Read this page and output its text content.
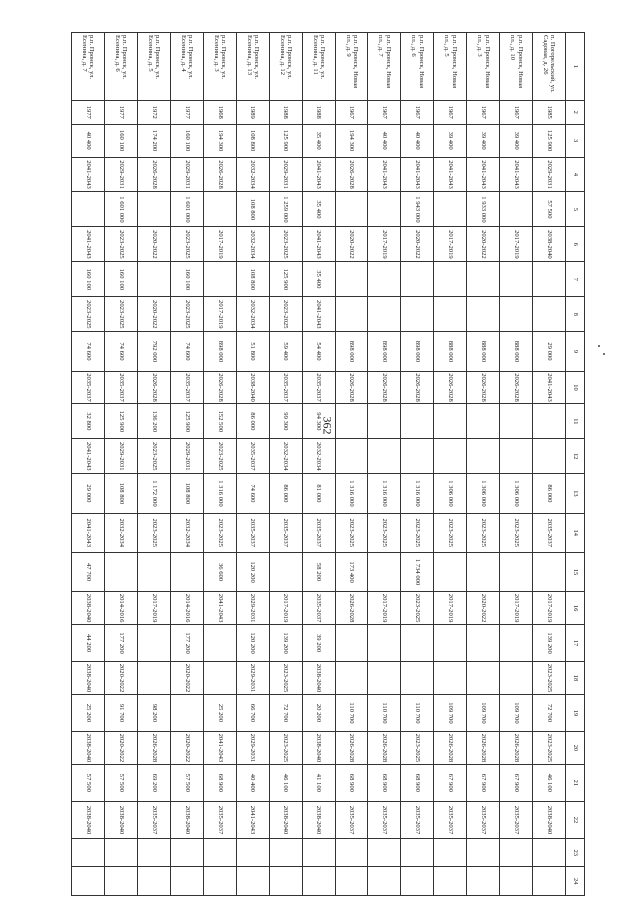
362
1	2	3	4	5	6	7	8	9	10	11	12	13	14	15	16	17	18	19	20	21	22	23	24
п. Погорельский, ул. Садовая, д. 26	1985	125 900	2029-2031	57 500	2038-2040			29 000	2041-2043			86 000	2035-2037		2017-2019	139 200	2023-2025	72 700	2023-2025	46 100	2038-2040		
р.п. Пронск, Новая пл., д. 10	1967	39 400	2041-2043		2017-2019			888 000	2026-2028			1 306 000	2023-2025		2017-2019			109 700	2026-2028	67 900	2035-2037		
р.п. Пронск, Новая пл., д. 3	1967	39 400	2041-2043	1 933 000	2020-2022			888 000	2026-2028			1 306 000	2023-2025		2020-2022			109 700	2026-2028	67 900	2035-2037		
р.п. Пронск, Новая пл., д. 5	1967	39 400	2041-2043		2017-2019			888 000	2026-2028			1 306 000	2023-2025		2017-2019			109 700	2026-2028	67 900	2035-2037		
р.п. Пронск, Новая пл., д. 6	1967	40 400	2041-2043	1 943 000	2020-2022			898 000	2026-2028			1 316 000	2023-2025	1 734 000	2023-2025			110 700	2023-2025	68 900	2035-2037		
р.п. Пронск, Новая пл., д. 7	1967	40 400	2041-2043		2017-2019			898 000	2026-2028			1 316 000	2023-2025		2017-2019			110 700	2026-2028	68 900	2035-2037		
р.п. Пронск, Новая пл., д. 9	1967	194 300	2026-2028		2020-2022			898 000	2026-2028			1 316 000	2023-2025	173 400	2026-2028			110 700	2026-2028	68 900	2035-2037		
р.п. Пронск, ул. Есенина, д. 11	1988	35 400	2041-2043	35 400	2041-2043	35 400	2041-2043	54 400	2035-2037	94 300	2032-2034	81 000	2035-2037	58 200	2035-2037	39 200	2038-2040	20 200	2038-2040	41 100	2038-2040		
р.п. Пронск, ул. Есенина, д. 12	1988	125 900	2029-2031	1 259 000	2023-2025	125 900	2023-2025	59 400	2035-2037	99 300	2032-2034	86 000	2035-2037		2017-2019	139 200	2023-2025	72 700	2023-2025	46 100	2038-2040		
р.п. Пронск, ул. Есенина, д. 13	1989	108 800	2032-2034	108 800	2032-2034	108 800	2032-2034	51 800	2038-2040	86 000	2035-2037	74 600	2035-2037	120 200	2029-2031	120 200	2029-2031	66 700	2029-2031	40 400	2041-2043		
р.п. Пронск, ул. Есенина, д. 3	1968	194 300	2026-2028		2017-2019		2017-2019	898 000	2026-2028	152 500	2023-2025	1 316 000	2023-2025	36 600	2041-2043			25 200	2041-2043	68 900	2035-2037		
р.п. Пронск, ул. Есенина, д. 4	1977	160 100	2029-2031	1 601 000	2023-2025	160 100	2023-2025	74 600	2035-2037	125 900	2029-2031	108 800	2032-2034		2014-2016	177 200	2020-2022		2020-2022	57 500	2038-2040		
р.п. Пронск, ул. Есенина, д. 5	1972	174 200	2026-2028		2020-2022		2020-2022	792 000	2026-2028	136 200	2023-2025	1 172 000	2023-2025		2017-2019			98 200	2026-2028	69 200	2035-2037		
р.п. Пронск, ул. Есенина, д. 6	1977	160 100	2029-2031	1 601 000	2023-2025	160 100	2023-2025	74 600	2035-2037	125 900	2029-2031	108 800	2032-2034		2014-2016	177 200	2020-2022	91 700	2020-2022	57 500	2038-2040		
р.п. Пронск, ул. Есенина, д. 7	1977	40 400	2041-2043		2041-2043	160 100	2023-2025	74 600	2035-2037	32 800	2041-2043	29 000	2041-2043	47 700	2038-2040	44 200	2038-2040	25 200	2038-2040	57 500	2038-2040		
